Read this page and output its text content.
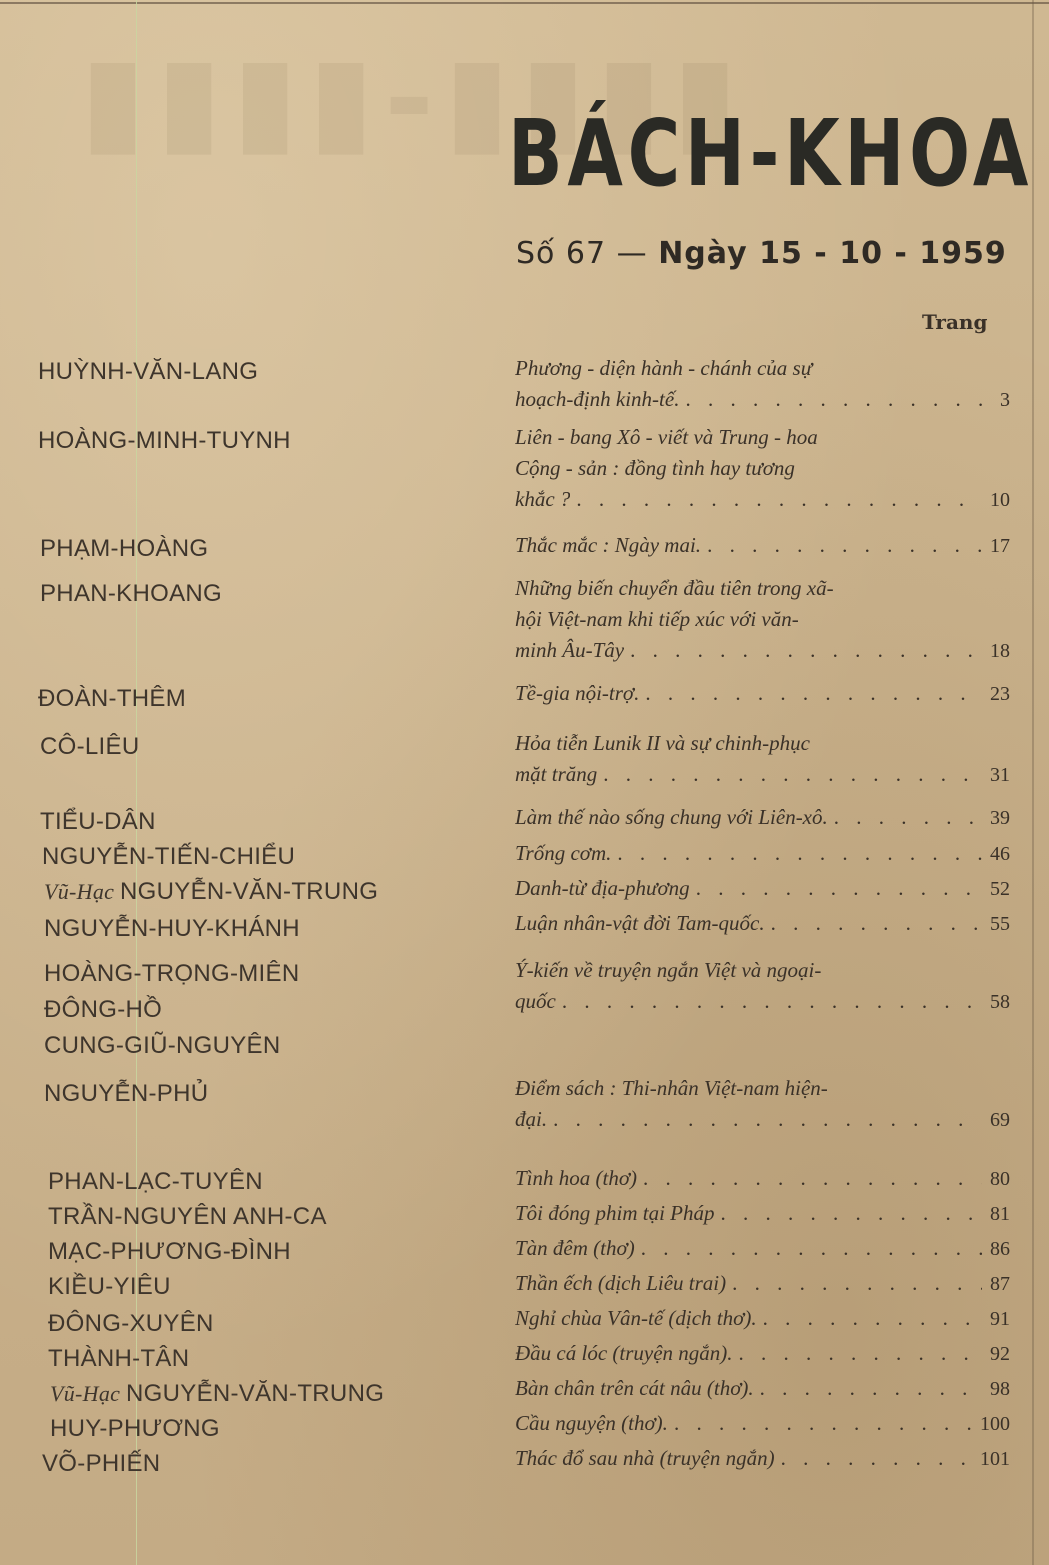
▮▮▮▮-▮▮▮▮
BÁCH-KHOA
Số 67 — Ngày 15 - 10 - 1959
Trang
HUỲNH-VĂN-LANG	Phương - diện hành - chánh của sự
hoạch-định kinh-tế. . . .	3
HOÀNG-MINH-TUYNH	Liên - bang Xô - viết và Trung - hoa
Cộng - sản : đồng tình hay tương
khắc ? . . .	10
PHẠM-HOÀNG	Thắc mắc : Ngày mai. . . .	17
PHAN-KHOANG	Những biến chuyển đầu tiên trong xã-
hội Việt-nam khi tiếp xúc với văn-
minh Âu-Tây . . .	18
ĐOÀN-THÊM	Tề-gia nội-trợ. . . .	23
CÔ-LIÊU	Hỏa tiễn Lunik II và sự chinh-phục
mặt trăng . . .	31
TIỂU-DÂN	Làm thế nào sống chung với Liên-xô. . . .	39
NGUYỄN-TIẾN-CHIỂU	Trống cơm. . . .	46
Vũ-Hạc NGUYỄN-VĂN-TRUNG	Danh-từ địa-phương . . .	52
NGUYỄN-HUY-KHÁNH	Luận nhân-vật đời Tam-quốc. . . .	55
HOÀNG-TRỌNG-MIÊN
ĐÔNG-HỒ
CUNG-GIŨ-NGUYÊN
Ý-kiến về truyện ngắn Việt và ngoại-
quốc . . .	58
NGUYỄN-PHỦ	Điểm sách : Thi-nhân Việt-nam hiện-
đại. . . .	69
PHAN-LẠC-TUYÊN	Tình hoa (thơ) . . .	80
TRẦN-NGUYÊN ANH-CA	Tôi đóng phim tại Pháp . . .	81
MẠC-PHƯƠNG-ĐÌNH	Tàn đêm (thơ) . . .	86
KIỀU-YIÊU	Thần ếch (dịch Liêu trai) . . .	87
ĐÔNG-XUYÊN	Nghỉ chùa Vân-tế (dịch thơ). . . .	91
THÀNH-TÂN	Đầu cá lóc (truyện ngắn). . . .	92
Vũ-Hạc NGUYỄN-VĂN-TRUNG	Bàn chân trên cát nâu (thơ). . . .	98
HUY-PHƯƠNG	Cầu nguyện (thơ). . . .	100
VÕ-PHIẾN	Thác đổ sau nhà (truyện ngắn) . . .	101
